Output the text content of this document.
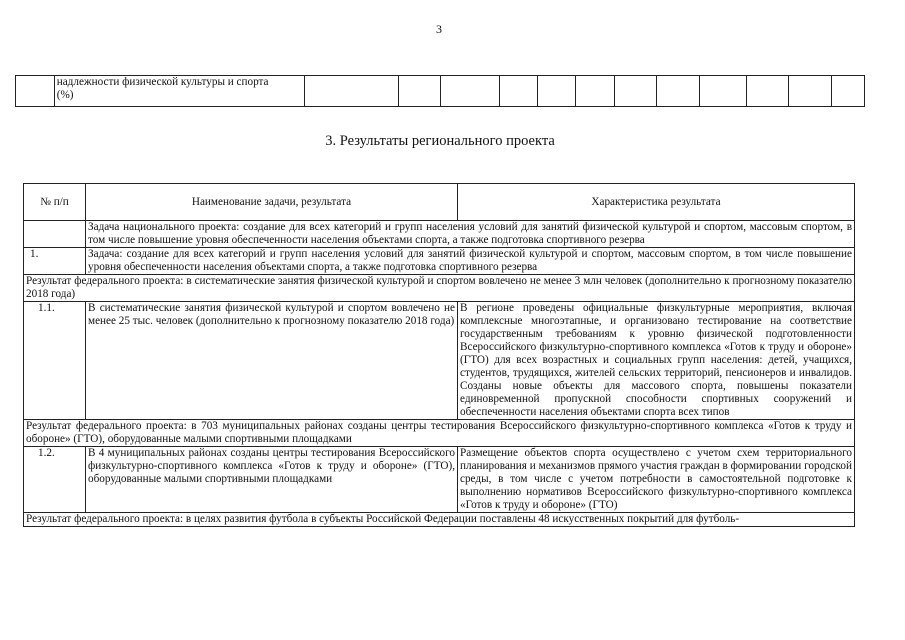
3

надлежности физической культуры и спорта
(%)

3. Результаты регионального проекта
№ п/п	Наименование задачи, результата	Характеристика результата
	Задача национального проекта: создание для всех категорий и групп населения условий для занятий физической культурой и спортом, массовым спортом, в том числе повышение уровня обеспеченности населения объектами спорта, а также подготовка спортивного резерва	
1.	Задача: создание для всех категорий и групп населения условий для занятий физической культурой и спортом, массовым спортом, в том числе повышение уровня обеспеченности населения объектами спорта, а также подготовка спортивного резерва	
Результат федерального проекта: в систематические занятия физической культурой и спортом вовлечено не менее 3 млн человек (дополнительно к прогнозному показателю 2018 года)		
1.1.	В систематические занятия физической культурой и спортом вовлечено не менее 25 тыс. человек (дополнительно к прогнозному показателю 2018 года)	В регионе проведены официальные физкультурные мероприятия, включая комплексные многоэтапные, и организовано тестирование на соответствие государственным требованиям к уровню физической подготовленности Всероссийского физкультурно-спортивного комплекса «Готов к труду и обороне» (ГТО) для всех возрастных и социальных групп населения: детей, учащихся, студентов, трудящихся, жителей сельских территорий, пенсионеров и инвалидов. Созданы новые объекты для массового спорта, повышены показатели единовременной пропускной способности спортивных сооружений и обеспеченности населения объектами спорта всех типов
Результат федерального проекта: в 703 муниципальных районах созданы центры тестирования Всероссийского физкультурно-спортивного комплекса «Готов к труду и обороне» (ГТО), оборудованные малыми спортивными площадками		
1.2.	В 4 муниципальных районах созданы центры тестирования Всероссийского физкультурно-спортивного комплекса «Готов к труду и обороне» (ГТО), оборудованные малыми спортивными площадками	Размещение объектов спорта осуществлено с учетом схем территориального планирования и механизмов прямого участия граждан в формировании городской среды, в том числе с учетом потребности в самостоятельной подготовке к выполнению нормативов Всероссийского физкультурно-спортивного комплекса «Готов к труду и обороне» (ГТО)

Результат федерального проекта: в целях развития футбола в субъекты Российской Федерации поставлены 48 искусственных покрытий для футболь-		
